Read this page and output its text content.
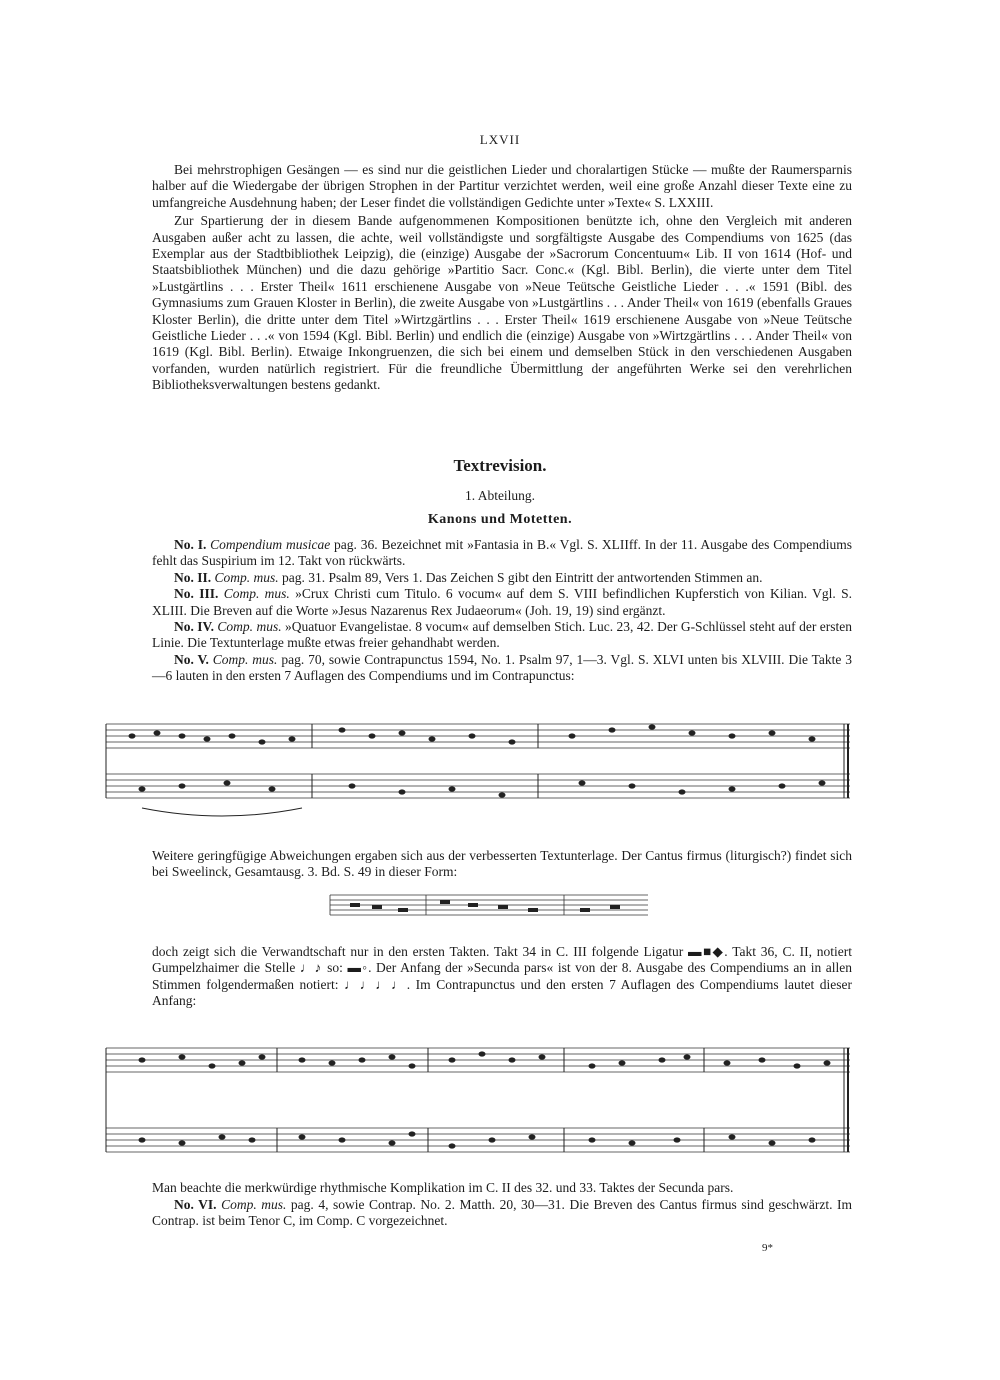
LXVII

Bei mehrstrophigen Gesängen — es sind nur die geistlichen Lieder und choralartigen Stücke — mußte der Raumersparnis halber auf die Wiedergabe der übrigen Strophen in der Partitur verzichtet werden, weil eine große Anzahl dieser Texte eine zu umfangreiche Ausdehnung haben; der Leser findet die vollständigen Gedichte unter »Texte« S. LXXIII.

Zur Spartierung der in diesem Bande aufgenommenen Kompositionen benützte ich, ohne den Vergleich mit anderen Ausgaben außer acht zu lassen, die achte, weil vollständigste und sorgfältigste Ausgabe des Compendiums von 1625 (das Exemplar aus der Stadtbibliothek Leipzig), die (einzige) Ausgabe der »Sacrorum Concentuum« Lib. II von 1614 (Hof- und Staatsbibliothek München) und die dazu gehörige »Partitio Sacr. Conc.« (Kgl. Bibl. Berlin), die vierte unter dem Titel »Lustgärtlins . . . Erster Theil« 1611 erschienene Ausgabe von »Neue Teütsche Geistliche Lieder . . .« 1591 (Bibl. des Gymnasiums zum Grauen Kloster in Berlin), die zweite Ausgabe von »Lustgärtlins . . . Ander Theil« von 1619 (ebenfalls Graues Kloster Berlin), die dritte unter dem Titel »Wirtzgärtlins . . . Erster Theil« 1619 erschienene Ausgabe von »Neue Teütsche Geistliche Lieder . . .« von 1594 (Kgl. Bibl. Berlin) und endlich die (einzige) Ausgabe von »Wirtzgärtlins . . . Ander Theil« von 1619 (Kgl. Bibl. Berlin). Etwaige Inkongruenzen, die sich bei einem und demselben Stück in den verschiedenen Ausgaben vorfanden, wurden natürlich registriert. Für die freundliche Übermittlung der angeführten Werke sei den verehrlichen Bibliotheksverwaltungen bestens gedankt.

Textrevision.
1. Abteilung.
Kanons und Motetten.

No. I. Compendium musicae pag. 36. Bezeichnet mit »Fantasia in B.« Vgl. S. XLIIff. In der 11. Ausgabe des Compendiums fehlt das Suspirium im 12. Takt von rückwärts.

No. II. Comp. mus. pag. 31. Psalm 89, Vers 1. Das Zeichen S gibt den Eintritt der antwortenden Stimmen an.

No. III. Comp. mus. »Crux Christi cum Titulo. 6 vocum« auf dem S. VIII befindlichen Kupferstich von Kilian. Vgl. S. XLIII. Die Breven auf die Worte »Jesus Nazarenus Rex Judaeorum« (Joh. 19, 19) sind ergänzt.

No. IV. Comp. mus. »Quatuor Evangelistae. 8 vocum« auf demselben Stich. Luc. 23, 42. Der G-Schlüssel steht auf der ersten Linie. Die Textunterlage mußte etwas freier gehandhabt werden.

No. V. Comp. mus. pag. 70, sowie Contrapunctus 1594, No. 1. Psalm 97, 1—3. Vgl. S. XLVI unten bis XLVIII. Die Takte 3—6 lauten in den ersten 7 Auflagen des Compendiums und im Contrapunctus:

Weitere geringfügige Abweichungen ergaben sich aus der verbesserten Textunterlage. Der Cantus firmus (liturgisch?) findet sich bei Sweelinck, Gesamtausg. 3. Bd. S. 49 in dieser Form:
doch zeigt sich die Verwandtschaft nur in den ersten Takten. Takt 34 in C. III folgende Ligatur ▬■◆. Takt 36, C. II, notiert Gumpelzhaimer die Stelle ♩♪ so: ▬◦. Der Anfang der »Secunda pars« ist von der 8. Ausgabe des Compendiums an in allen Stimmen folgendermaßen notiert: ♩♩♩♩. Im Contrapunctus und den ersten 7 Auflagen des Compendiums lautet dieser Anfang:
Man beachte die merkwürdige rhythmische Komplikation im C. II des 32. und 33. Taktes der Secunda pars.

No. VI. Comp. mus. pag. 4, sowie Contrap. No. 2. Matth. 20, 30—31. Die Breven des Cantus firmus sind geschwärzt. Im Contrap. ist beim Tenor C, im Comp. C vorgezeichnet.

9*
